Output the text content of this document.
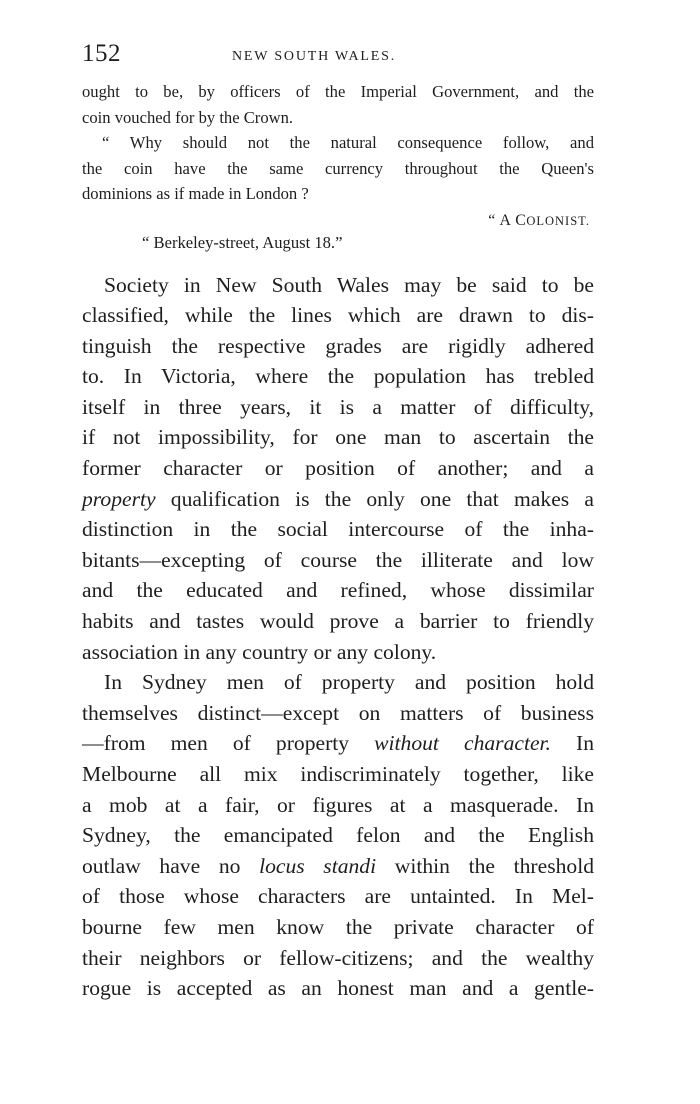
152	NEW SOUTH WALES.
ought to be, by officers of the Imperial Government, and the
coin vouched for by the Crown.
“ Why should not the natural consequence follow, and
the coin have the same currency throughout the Queen's
dominions as if made in London ?
“ A COLONIST.
“ Berkeley-street, August 18.”
Society in New South Wales may be said to be
classified, while the lines which are drawn to dis-
tinguish the respective grades are rigidly adhered
to. In Victoria, where the population has trebled
itself in three years, it is a matter of difficulty,
if not impossibility, for one man to ascertain the
former character or position of another; and a
property qualification is the only one that makes a
distinction in the social intercourse of the inha-
bitants—excepting of course the illiterate and low
and the educated and refined, whose dissimilar
habits and tastes would prove a barrier to friendly
association in any country or any colony.
In Sydney men of property and position hold
themselves distinct—except on matters of business
—from men of property without character. In
Melbourne all mix indiscriminately together, like
a mob at a fair, or figures at a masquerade. In
Sydney, the emancipated felon and the English
outlaw have no locus standi within the threshold
of those whose characters are untainted. In Mel-
bourne few men know the private character of
their neighbors or fellow-citizens; and the wealthy
rogue is accepted as an honest man and a gentle-
